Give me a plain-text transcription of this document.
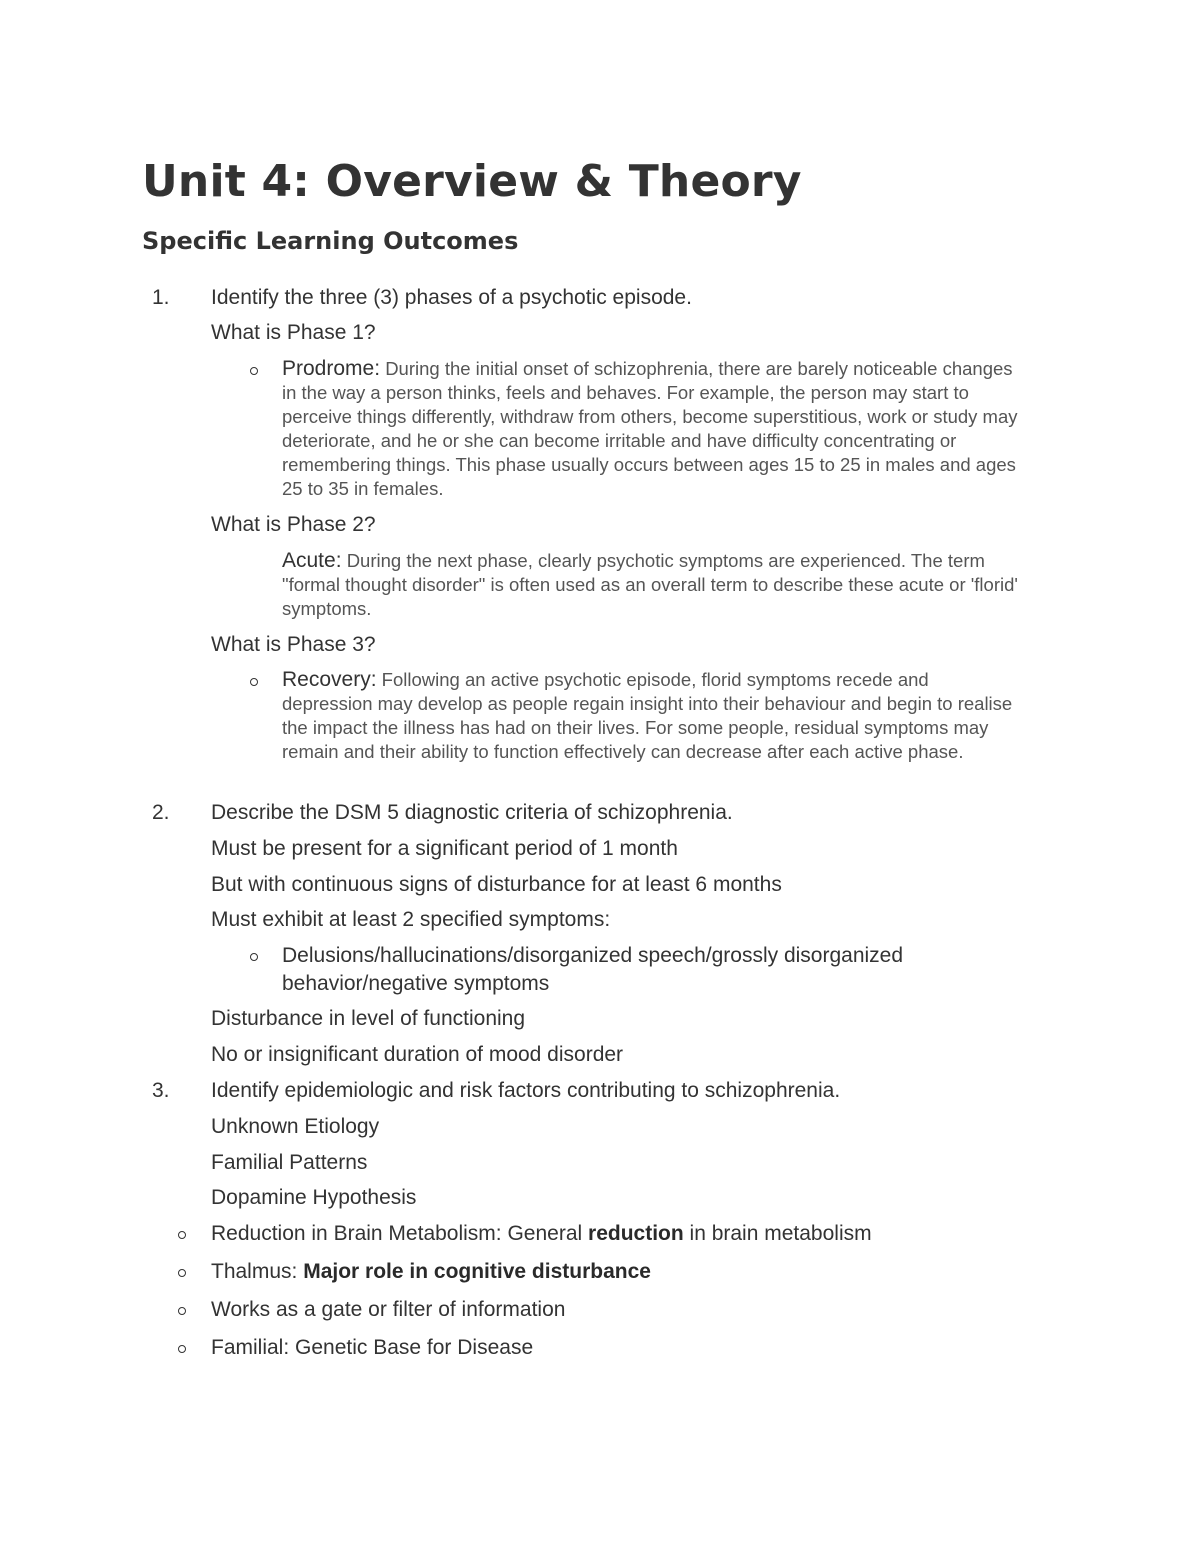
Unit 4: Overview & Theory
Specific Learning Outcomes
1. Identify the three (3) phases of a psychotic episode.
What is Phase 1?
Prodrome: During the initial onset of schizophrenia, there are barely noticeable changes in the way a person thinks, feels and behaves. For example, the person may start to perceive things differently, withdraw from others, become superstitious, work or study may deteriorate, and he or she can become irritable and have difficulty concentrating or remembering things. This phase usually occurs between ages 15 to 25 in males and ages 25 to 35 in females.
What is Phase 2?
Acute: During the next phase, clearly psychotic symptoms are experienced. The term "formal thought disorder" is often used as an overall term to describe these acute or 'florid' symptoms.
What is Phase 3?
Recovery: Following an active psychotic episode, florid symptoms recede and depression may develop as people regain insight into their behaviour and begin to realise the impact the illness has had on their lives. For some people, residual symptoms may remain and their ability to function effectively can decrease after each active phase.
2. Describe the DSM 5 diagnostic criteria of schizophrenia.
Must be present for a significant period of 1 month
But with continuous signs of disturbance for at least 6 months
Must exhibit at least 2 specified symptoms:
Delusions/hallucinations/disorganized speech/grossly disorganized
behavior/negative symptoms
Disturbance in level of functioning
No or insignificant duration of mood disorder
3. Identify epidemiologic and risk factors contributing to schizophrenia.
Unknown Etiology
Familial Patterns
Dopamine Hypothesis
Reduction in Brain Metabolism: General reduction in brain metabolism
Thalmus: Major role in cognitive disturbance
Works as a gate or filter of information
Familial: Genetic Base for Disease
